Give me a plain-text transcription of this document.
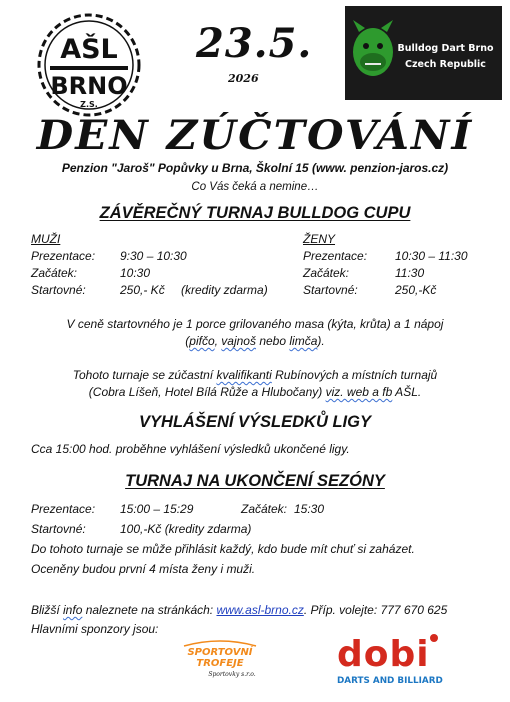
AŠL
BRNO
Z.S.
23.5.
2026
Bulldog Dart Brno
Czech Republic
DEN ZÚČTOVÁNÍ
Penzion "Jaroš" Popůvky u Brna, Školní 15 (www. penzion-jaros.cz)
Co Vás čeká a nemine…
ZÁVĚREČNÝ TURNAJ BULLDOG CUPU
MUŽI
Prezentace: 9:30 – 10:30
Začátek:	10:30
Startovné:	250,- Kč (kredity zdarma)
ŽENY
Prezentace: 10:30 – 11:30
Začátek:	11:30
Startovné:	250,-Kč
V ceně startovného je 1 porce grilovaného masa (kýta, krůta) a 1 nápoj
(pifčo, vajnoš nebo limča).
Tohoto turnaje se zúčastní kvalifikanti Rubínových a místních turnajů
(Cobra Líšeň, Hotel Bílá Růže a Hlubočany) viz. web a fb AŠL.
VYHLÁŠENÍ VÝSLEDKŮ LIGY
Cca 15:00 hod. proběhne vyhlášení výsledků ukončené ligy.
TURNAJ NA UKONČENÍ SEZÓNY
Prezentace: 15:00 – 15:29	Začátek: 15:30
Startovné:	100,-Kč (kredity zdarma)
Do tohoto turnaje se může přihlásit každý, kdo bude mít chuť si zaházet.
Oceněny budou první 4 místa ženy i muži.
Bližší info naleznete na stránkách: www.asl-brno.cz. Příp. volejte: 777 670 625
Hlavními sponzory jsou:
SPORTOVNÍ
TROFEJE
Sportovky s.r.o. dobi
DARTS AND BILLIARD
